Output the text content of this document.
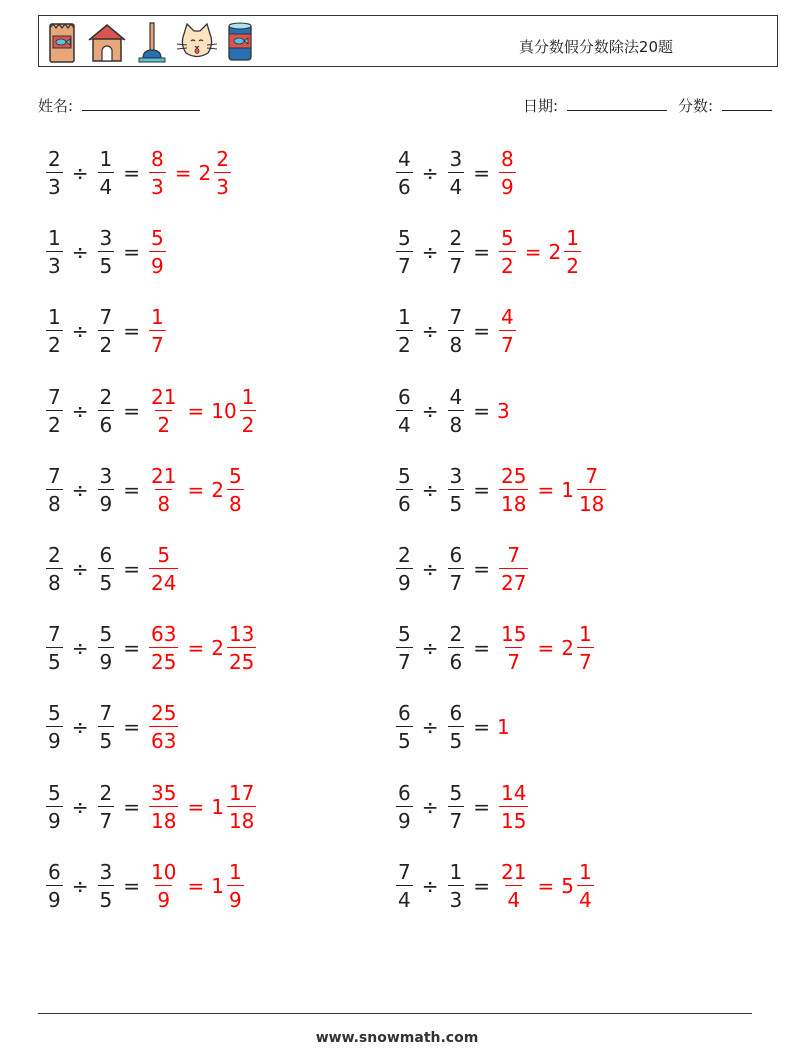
真分数假分数除法20题
姓名:	日期:	分数:
$\frac{2}{3} \div \frac{1}{4} = \frac{8}{3} = 2 \frac{2}{3}$	$\frac{4}{6} \div \frac{3}{4} = \frac{8}{9}$
$\frac{1}{3} \div \frac{3}{5} = \frac{5}{9}$	$\frac{5}{7} \div \frac{2}{7} = \frac{5}{2} = 2 \frac{1}{2}$
$\frac{1}{2} \div \frac{7}{2} = \frac{1}{7}$	$\frac{1}{2} \div \frac{7}{8} = \frac{4}{7}$
$\frac{7}{2} \div \frac{2}{6} = \frac{21}{2} = 10 \frac{1}{2}$	$\frac{6}{4} \div \frac{4}{8} = 3$
$\frac{7}{8} \div \frac{3}{9} = \frac{21}{8} = 2 \frac{5}{8}$	$\frac{5}{6} \div \frac{3}{5} = \frac{25}{18} = 1 \frac{7}{18}$
$\frac{2}{8} \div \frac{6}{5} = \frac{5}{24}$	$\frac{2}{9} \div \frac{6}{7} = \frac{7}{27}$
$\frac{7}{5} \div \frac{5}{9} = \frac{63}{25} = 2 \frac{13}{25}$	$\frac{5}{7} \div \frac{2}{6} = \frac{15}{7} = 2 \frac{1}{7}$
$\frac{5}{9} \div \frac{7}{5} = \frac{25}{63}$	$\frac{6}{5} \div \frac{6}{5} = 1$
$\frac{5}{9} \div \frac{2}{7} = \frac{35}{18} = 1 \frac{17}{18}$	$\frac{6}{9} \div \frac{5}{7} = \frac{14}{15}$
$\frac{6}{9} \div \frac{3}{5} = \frac{10}{9} = 1 \frac{1}{9}$	$\frac{7}{4} \div \frac{1}{3} = \frac{21}{4} = 5 \frac{1}{4}$
www.snowmath.com
